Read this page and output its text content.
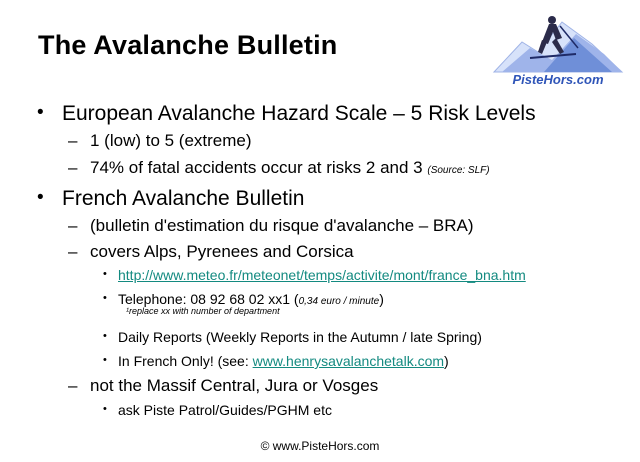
The Avalanche Bulletin
PisteHors.com
• European Avalanche Hazard Scale – 5 Risk Levels
– 1 (low) to 5 (extreme)
– 74% of fatal accidents occur at risks 2 and 3 (Source: SLF)
• French Avalanche Bulletin
– (bulletin d'estimation du risque d'avalanche – BRA)
– covers Alps, Pyrenees and Corsica
• http://www.meteo.fr/meteonet/temps/activite/mont/france_bna.htm
• Telephone: 08 92 68 02 xx1 (0,34 euro / minute)
¹replace xx with number of department
• Daily Reports (Weekly Reports in the Autumn / late Spring)
• In French Only! (see: www.henrysavalanchetalk.com)
– not the Massif Central, Jura or Vosges
• ask Piste Patrol/Guides/PGHM etc
© www.PisteHors.com
